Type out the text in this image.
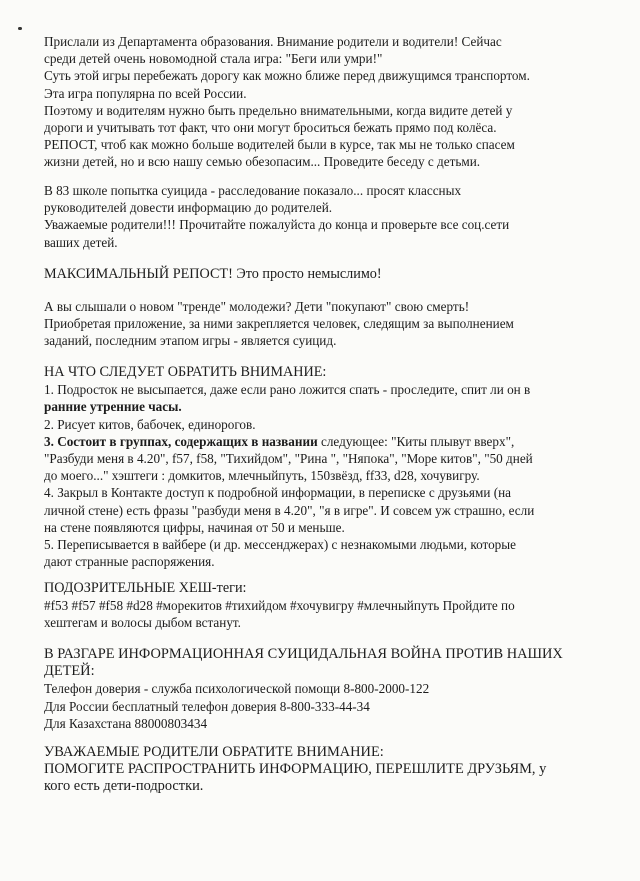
Прислали из Департамента образования. Внимание родители и водители! Сейчас

среди детей очень новомодной стала игра: "Беги или умри!"

Суть этой игры перебежать дорогу как можно ближе перед движущимся транспортом.

Эта игра популярна по всей России.

Поэтому и водителям нужно быть предельно внимательными, когда видите детей у

дороги и учитывать тот факт, что они могут броситься бежать прямо под колёса.

РЕПОСТ, чтоб как можно больше водителей были в курсе, так мы не только спасем

жизни детей, но и всю нашу семью обезопасим... Проведите беседу с детьми.

В 83 школе попытка суицида - расследование показало... просят классных

руководителей довести информацию до родителей.

Уважаемые родители!!! Прочитайте пожалуйста до конца и проверьте все соц.сети

ваших детей.

МАКСИМАЛЬНЫЙ РЕПОСТ! Это просто немыслимо!

А вы слышали о новом "тренде" молодежи? Дети "покупают" свою смерть!

Приобретая приложение, за ними закрепляется человек, следящим за выполнением

заданий, последним этапом игры - является суицид.

НА ЧТО СЛЕДУЕТ ОБРАТИТЬ ВНИМАНИЕ:

1. Подросток не высыпается, даже если рано ложится спать - проследите, спит ли он в

ранние утренние часы.

2. Рисует китов, бабочек, единорогов.

3. Состоит в группах, содержащих в названии следующее: "Киты плывут вверх",

"Разбуди меня в 4.20", f57, f58, "Тихийдом", "Рина ", "Няпока", "Море китов", "50 дней

до моего..." хэштеги : домкитов, млечныйпуть, 150звёзд, ff33, d28, хочувигру.

4. Закрыл в Контакте доступ к подробной информации, в переписке с друзьями (на

личной стене) есть фразы "разбуди меня в 4.20", "я в игре". И совсем уж страшно, если

на стене появляются цифры, начиная от 50 и меньше.

5. Переписывается в вайбере (и др. мессенджерах) с незнакомыми людьми, которые

дают странные распоряжения.

ПОДОЗРИТЕЛЬНЫЕ ХЕШ-теги:

#f53 #f57 #f58 #d28 #морекитов #тихийдом #хочувигру #млечныйпуть Пройдите по

хештегам и волосы дыбом встанут.

В РАЗГАРЕ ИНФОРМАЦИОННАЯ СУИЦИДАЛЬНАЯ ВОЙНА ПРОТИВ НАШИХ

ДЕТЕЙ:

Телефон доверия - служба психологической помощи 8-800-2000-122

Для России бесплатный телефон доверия 8-800-333-44-34

Для Казахстана 88000803434

УВАЖАЕМЫЕ РОДИТЕЛИ ОБРАТИТЕ ВНИМАНИЕ:

ПОМОГИТЕ РАСПРОСТРАНИТЬ ИНФОРМАЦИЮ, ПЕРЕШЛИТЕ ДРУЗЬЯМ, у

кого есть дети-подростки.
